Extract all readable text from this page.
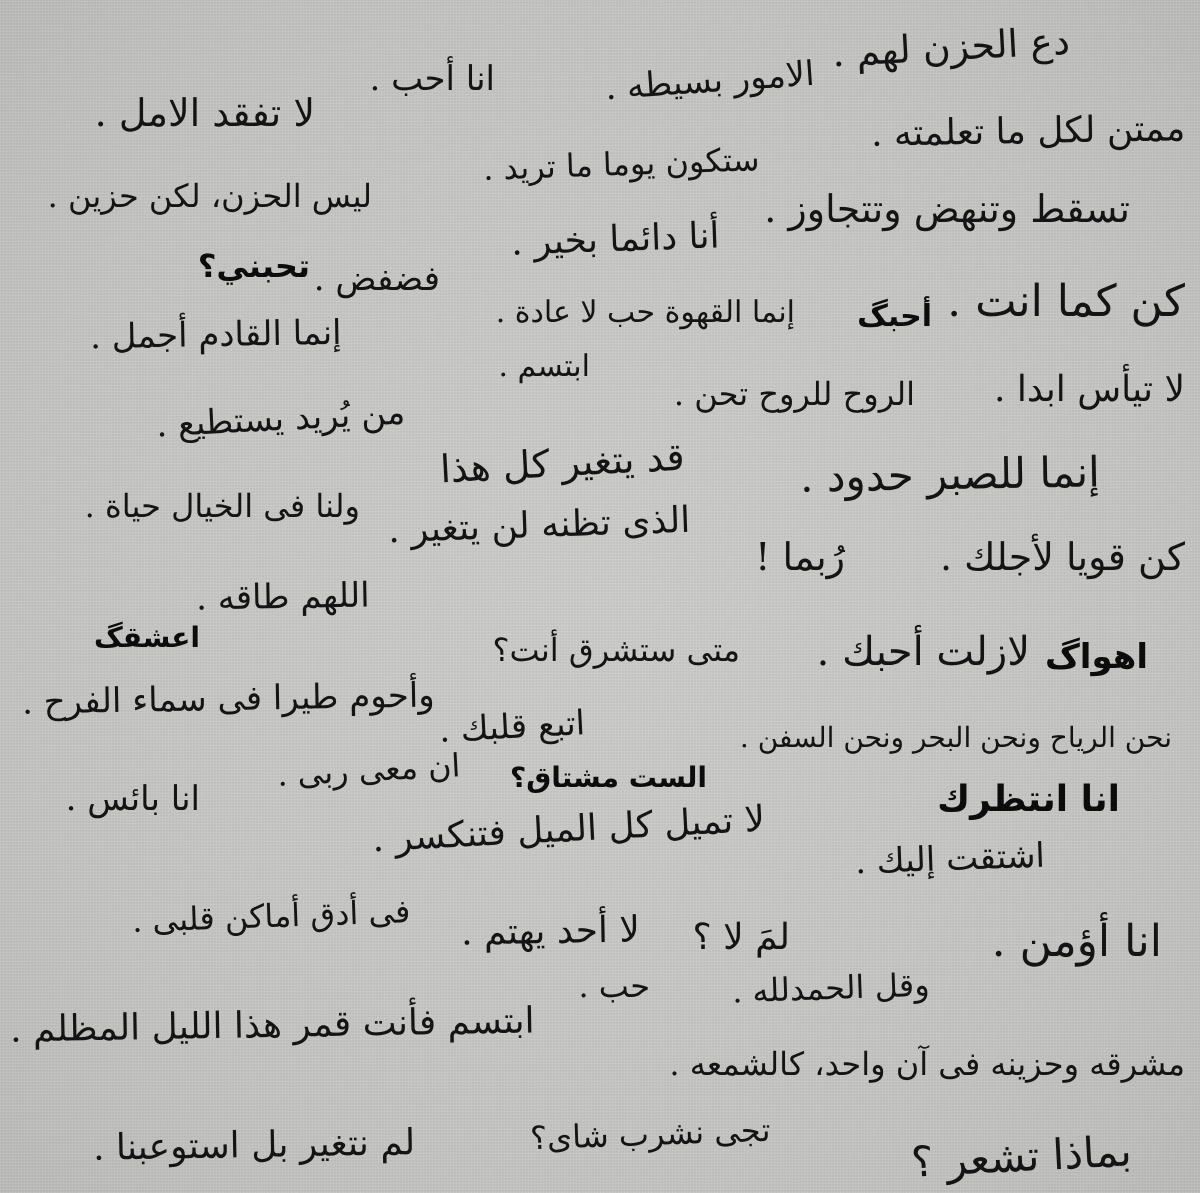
دع الحزن لهم .
الامور بسيطه .
انا أحب .
لا تفقد الامل .	ممتن لكل ما تعلمته .
ستكون يوما ما تريد .
ليس الحزن، لكن حزين .	تسقط وتنهض وتتجاوز .
أنا دائما بخير .
تحبني؟ فضفض .	كن كما انت .
أحبگ
إنما القهوة حب لا عادة .
إنما القادم أجمل .
ابتسم .
لا تيأس ابدا .
الروح للروح تحن .
من يُريد يستطيع .
قد يتغير كل هذا	إنما للصبر حدود .
ولنا فى الخيال حياة . الذى تظنه لن يتغير .
كن قويا لأجلك .
رُبما !
اللهم طاقه .
اعشقگ	اهواگ
لازلت أحبك .
متى ستشرق أنت؟
وأحوم طيرا فى سماء الفرح .
اتبع قلبك .	نحن الرياح ونحن البحر ونحن السفن .
ان معى ربى . الست مشتاق؟
انا انتظرك
انا بائس .	لا تميل كل الميل فتنكسر .	اشتقت إليك .
فى أدق أماكن قلبى . لا أحد يهتم . لمَ لا ؟	انا أؤمن .
حب .	وقل الحمدلله .
ابتسم فأنت قمر هذا الليل المظلم .
مشرقه وحزينه فى آن واحد، كالشمعه .
لم نتغير بل استوعبنا .	تجى نشرب شاى؟	بماذا تشعر ؟
